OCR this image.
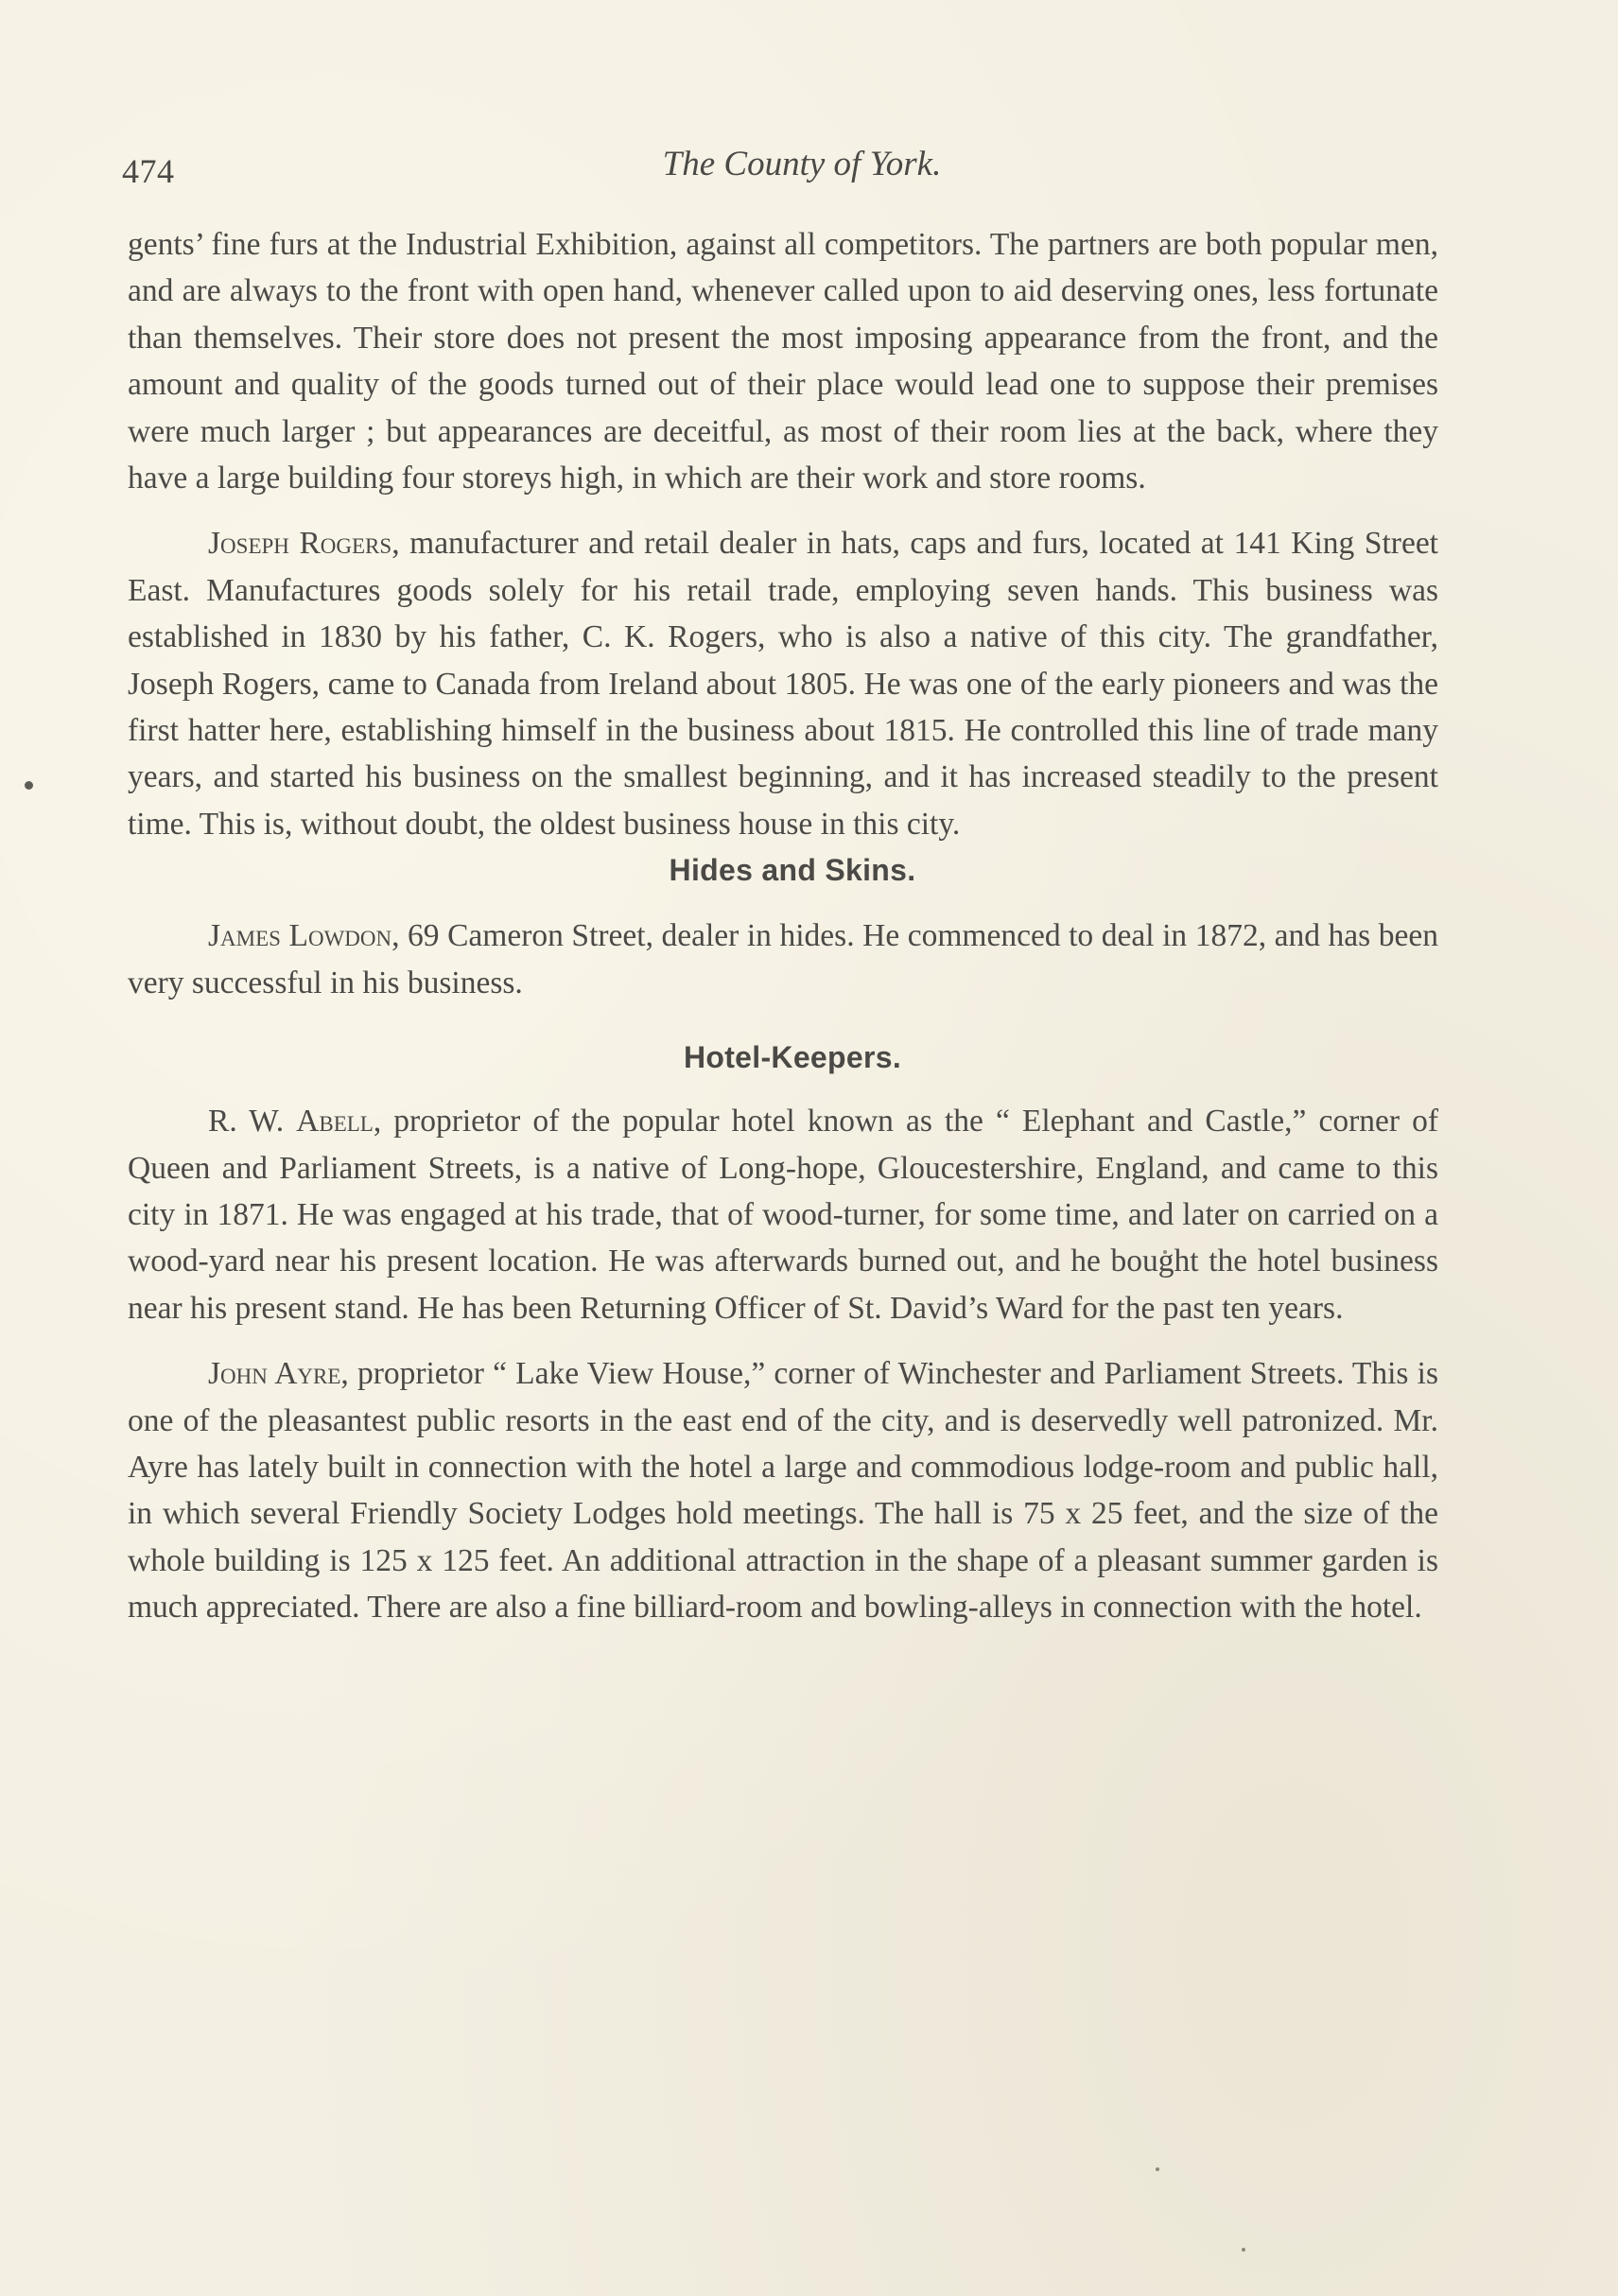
474	The County of York.

gents’ fine furs at the Industrial Exhibition, against all competitors. The partners are both popular men, and are always to the front with open hand, whenever called upon to aid deserving ones, less fortunate than themselves. Their store does not present the most imposing appearance from the front, and the amount and quality of the goods turned out of their place would lead one to suppose their premises were much larger ; but appearances are deceitful, as most of their room lies at the back, where they have a large building four storeys high, in which are their work and store rooms.

Joseph Rogers, manufacturer and retail dealer in hats, caps and furs, located at 141 King Street East. Manufactures goods solely for his retail trade, employing seven hands. This business was established in 1830 by his father, C. K. Rogers, who is also a native of this city. The grandfather, Joseph Rogers, came to Canada from Ireland about 1805. He was one of the early pioneers and was the first hatter here, establishing himself in the business about 1815. He controlled this line of trade many years, and started his business on the smallest beginning, and it has increased steadily to the present time. This is, without doubt, the oldest business house in this city.

Hides and Skins.

James Lowdon, 69 Cameron Street, dealer in hides. He commenced to deal in 1872, and has been very successful in his business.

Hotel-Keepers.

R. W. Abell, proprietor of the popular hotel known as the “ Elephant and Castle,” corner of Queen and Parliament Streets, is a native of Long-hope, Gloucestershire, England, and came to this city in 1871. He was engaged at his trade, that of wood-turner, for some time, and later on carried on a wood-yard near his present location. He was afterwards burned out, and he bought the hotel business near his present stand. He has been Returning Officer of St. David’s Ward for the past ten years.

John Ayre, proprietor “ Lake View House,” corner of Winchester and Parliament Streets. This is one of the pleasantest public resorts in the east end of the city, and is deservedly well patronized. Mr. Ayre has lately built in connection with the hotel a large and commodious lodge-room and public hall, in which several Friendly Society Lodges hold meetings. The hall is 75 x 25 feet, and the size of the whole building is 125 x 125 feet. An additional attraction in the shape of a pleasant summer garden is much appreciated. There are also a fine billiard-room and bowling-alleys in connection with the hotel.
